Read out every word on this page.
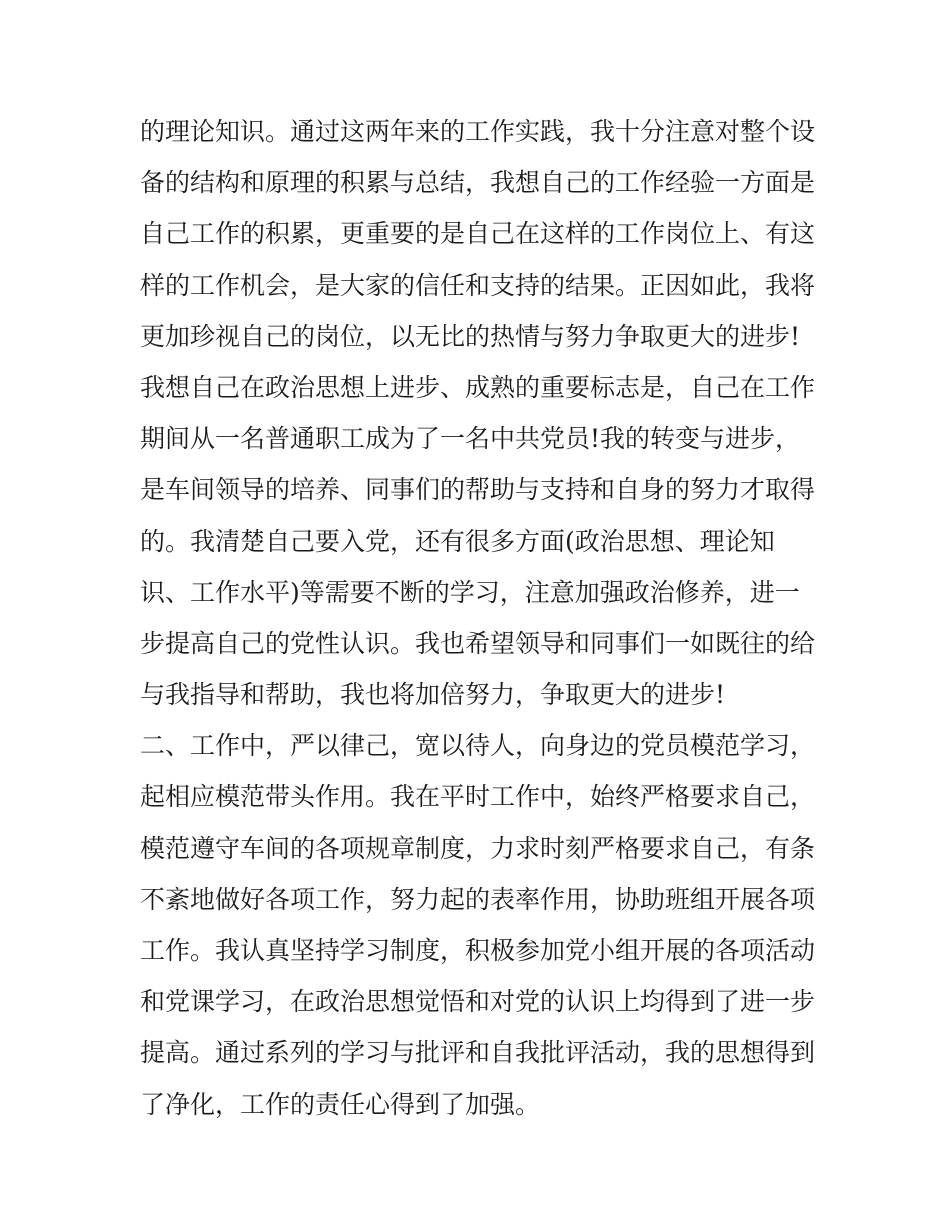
的理论知识。通过这两年来的工作实践，我十分注意对整个设
备的结构和原理的积累与总结，我想自己的工作经验一方面是
自己工作的积累，更重要的是自己在这样的工作岗位上、有这
样的工作机会，是大家的信任和支持的结果。正因如此，我将
更加珍视自己的岗位，以无比的热情与努力争取更大的进步!
我想自己在政治思想上进步、成熟的重要标志是，自己在工作
期间从一名普通职工成为了一名中共党员!我的转变与进步，
是车间领导的培养、同事们的帮助与支持和自身的努力才取得
的。我清楚自己要入党，还有很多方面(政治思想、理论知
识、工作水平)等需要不断的学习，注意加强政治修养，进一
步提高自己的党性认识。我也希望领导和同事们一如既往的给
与我指导和帮助，我也将加倍努力，争取更大的进步!
二、工作中，严以律己，宽以待人，向身边的党员模范学习，
起相应模范带头作用。我在平时工作中，始终严格要求自己，
模范遵守车间的各项规章制度，力求时刻严格要求自己，有条
不紊地做好各项工作，努力起的表率作用，协助班组开展各项
工作。我认真坚持学习制度，积极参加党小组开展的各项活动
和党课学习，在政治思想觉悟和对党的认识上均得到了进一步
提高。通过系列的学习与批评和自我批评活动，我的思想得到
了净化，工作的责任心得到了加强。
